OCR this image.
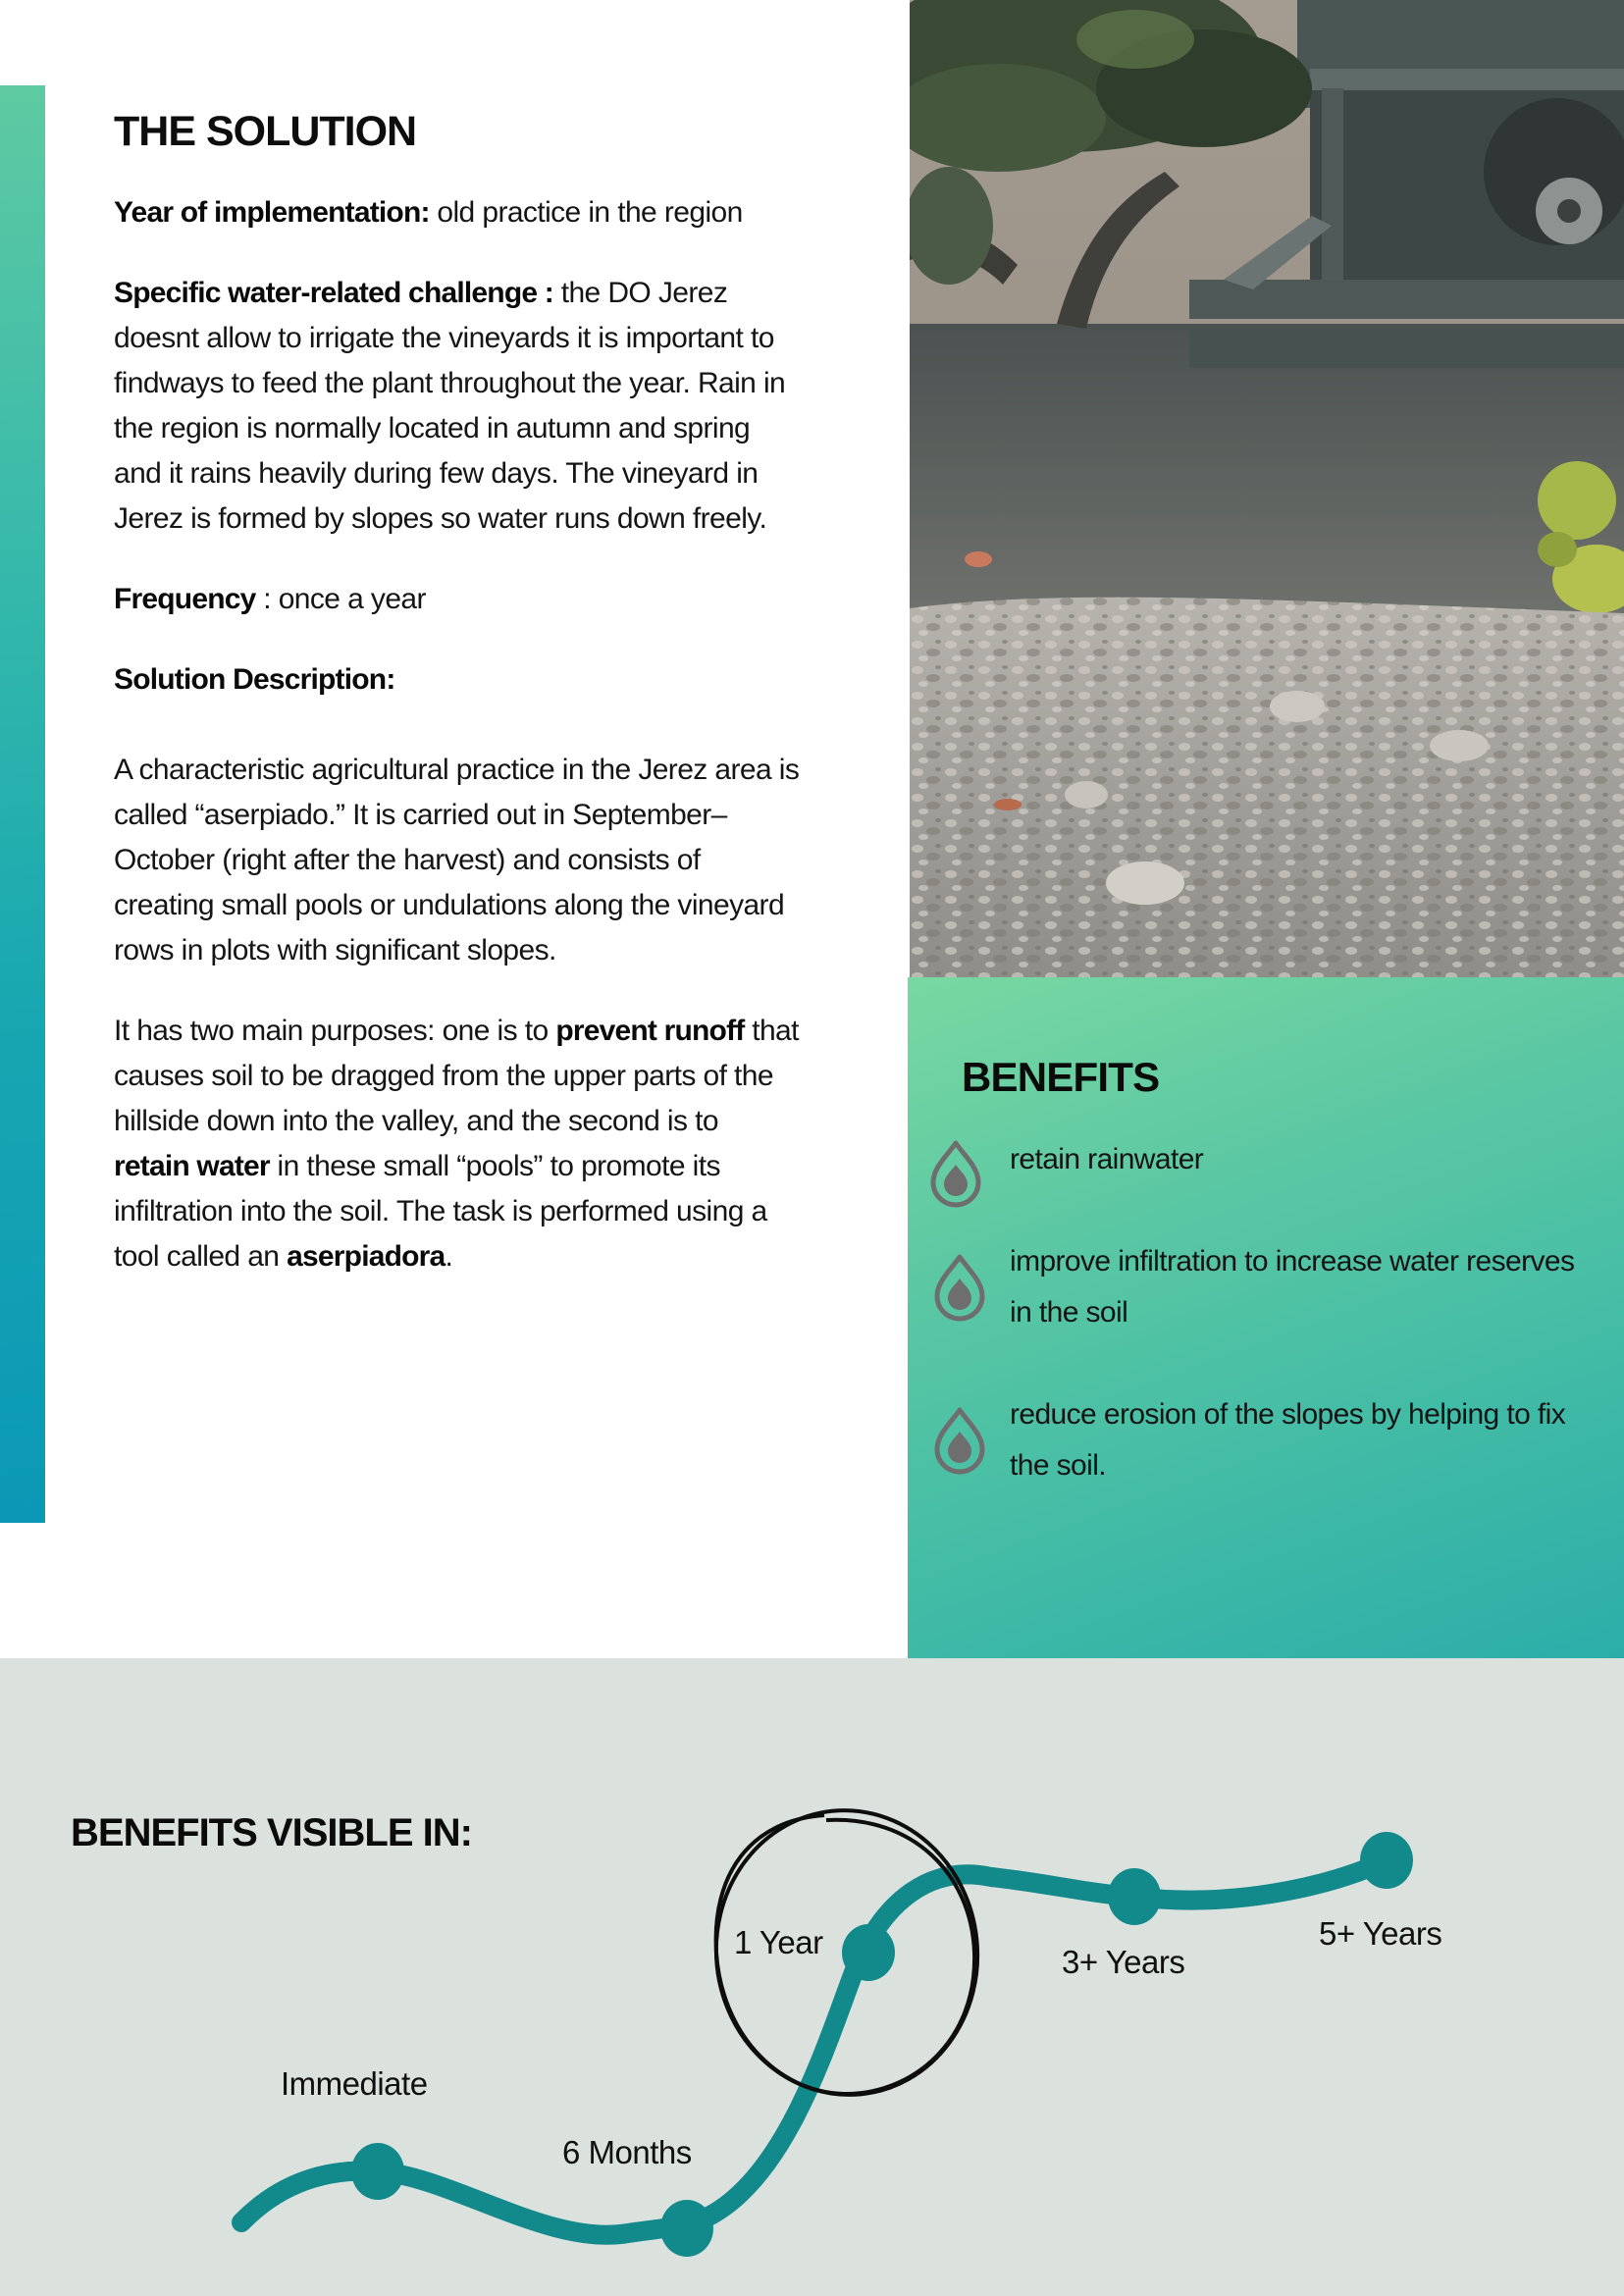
THE SOLUTION

Year of implementation: old practice in the region

Specific water-related challenge : the DO Jerez doesnt allow to irrigate the vineyards it is important to findways to feed the plant throughout the year. Rain in the region is normally located in autumn and spring and it rains heavily during few days. The vineyard in Jerez is formed by slopes so water runs down freely.

Frequency : once a year

Solution Description:

A characteristic agricultural practice in the Jerez area is called “aserpiado.” It is carried out in September–October (right after the harvest) and consists of creating small pools or undulations along the vineyard rows in plots with significant slopes.

It has two main purposes: one is to prevent runoff that causes soil to be dragged from the upper parts of the hillside down into the valley, and the second is to retain water in these small “pools” to promote its infiltration into the soil. The task is performed using a tool called an aserpiadora.

BENEFITS
retain rainwater
improve infiltration to increase water reserves in the soil
reduce erosion of the slopes by helping to fix the soil.
BENEFITS VISIBLE IN:
Immediate
6 Months
1 Year
3+ Years
5+ Years
